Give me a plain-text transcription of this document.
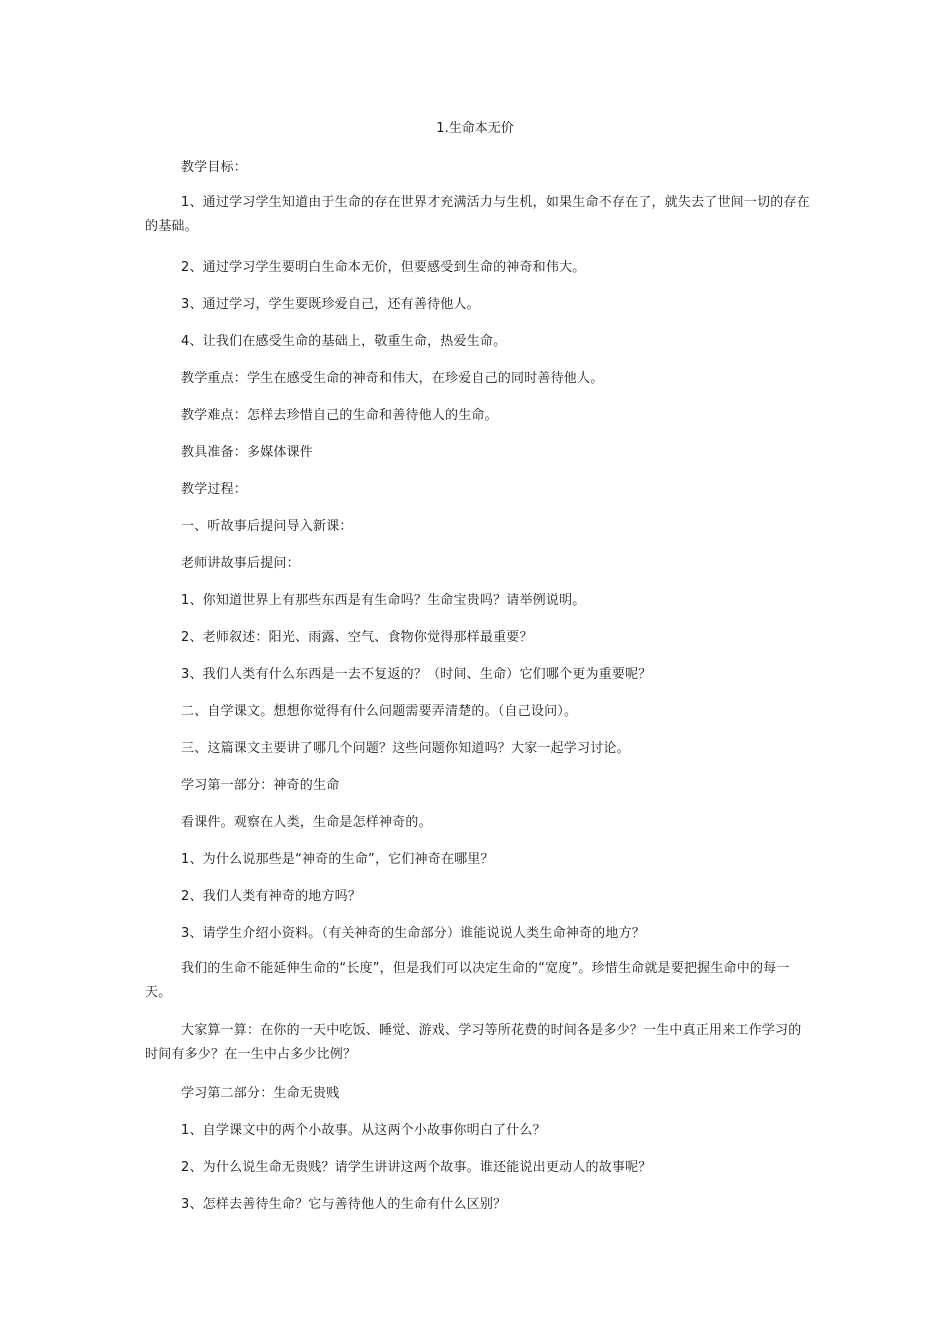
1.生命本无价
教学目标：
1、通过学习学生知道由于生命的存在世界才充满活力与生机，如果生命不存在了，就失去了世间一切的存在的基础。
2、通过学习学生要明白生命本无价，但要感受到生命的神奇和伟大。
3、通过学习，学生要既珍爱自己，还有善待他人。
4、让我们在感受生命的基础上，敬重生命，热爱生命。
教学重点：学生在感受生命的神奇和伟大，在珍爱自己的同时善待他人。
教学难点：怎样去珍惜自己的生命和善待他人的生命。
教具准备：多媒体课件
教学过程：
一、听故事后提问导入新课：
老师讲故事后提问：
1、你知道世界上有那些东西是有生命吗？生命宝贵吗？请举例说明。
2、老师叙述：阳光、雨露、空气、食物你觉得那样最重要？
3、我们人类有什么东西是一去不复返的？（时间、生命）它们哪个更为重要呢？
二、自学课文。想想你觉得有什么问题需要弄清楚的。（自己设问）。
三、这篇课文主要讲了哪几个问题？这些问题你知道吗？大家一起学习讨论。
学习第一部分：神奇的生命
看课件。观察在人类，生命是怎样神奇的。
1、为什么说那些是“神奇的生命”，它们神奇在哪里？
2、我们人类有神奇的地方吗？
3、请学生介绍小资料。（有关神奇的生命部分）谁能说说人类生命神奇的地方？
我们的生命不能延伸生命的“长度”，但是我们可以决定生命的“宽度”。珍惜生命就是要把握生命中的每一天。
大家算一算：在你的一天中吃饭、睡觉、游戏、学习等所花费的时间各是多少？一生中真正用来工作学习的时间有多少？在一生中占多少比例？
学习第二部分：生命无贵贱
1、自学课文中的两个小故事。从这两个小故事你明白了什么？
2、为什么说生命无贵贱？请学生讲讲这两个故事。谁还能说出更动人的故事呢？
3、怎样去善待生命？它与善待他人的生命有什么区别？
